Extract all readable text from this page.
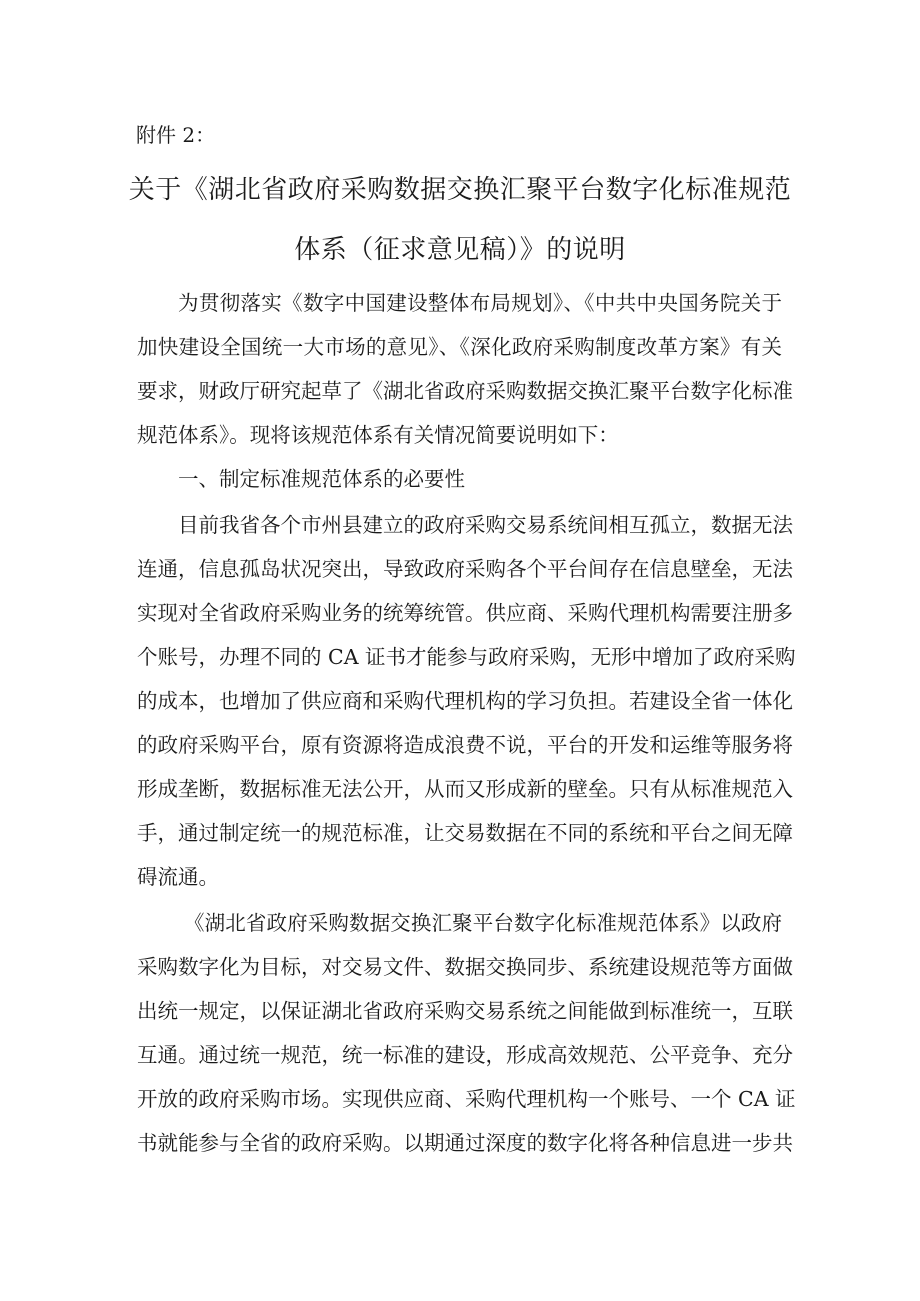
附件 2：
关于《湖北省政府采购数据交换汇聚平台数字化标准规范
体系（征求意见稿）》的说明
为贯彻落实《数字中国建设整体布局规划》、《中共中央国务院关于
加快建设全国统一大市场的意见》、《深化政府采购制度改革方案》有关
要求，财政厅研究起草了《湖北省政府采购数据交换汇聚平台数字化标准
规范体系》。现将该规范体系有关情况简要说明如下：
一、制定标准规范体系的必要性
目前我省各个市州县建立的政府采购交易系统间相互孤立，数据无法
连通，信息孤岛状况突出，导致政府采购各个平台间存在信息壁垒，无法
实现对全省政府采购业务的统筹统管。供应商、采购代理机构需要注册多
个账号，办理不同的 CA 证书才能参与政府采购，无形中增加了政府采购
的成本，也增加了供应商和采购代理机构的学习负担。若建设全省一体化
的政府采购平台，原有资源将造成浪费不说，平台的开发和运维等服务将
形成垄断，数据标准无法公开，从而又形成新的壁垒。只有从标准规范入
手，通过制定统一的规范标准，让交易数据在不同的系统和平台之间无障
碍流通。
《湖北省政府采购数据交换汇聚平台数字化标准规范体系》以政府
采购数字化为目标，对交易文件、数据交换同步、系统建设规范等方面做
出统一规定，以保证湖北省政府采购交易系统之间能做到标准统一，互联
互通。通过统一规范，统一标准的建设，形成高效规范、公平竞争、充分
开放的政府采购市场。实现供应商、采购代理机构一个账号、一个 CA 证
书就能参与全省的政府采购。以期通过深度的数字化将各种信息进一步共
